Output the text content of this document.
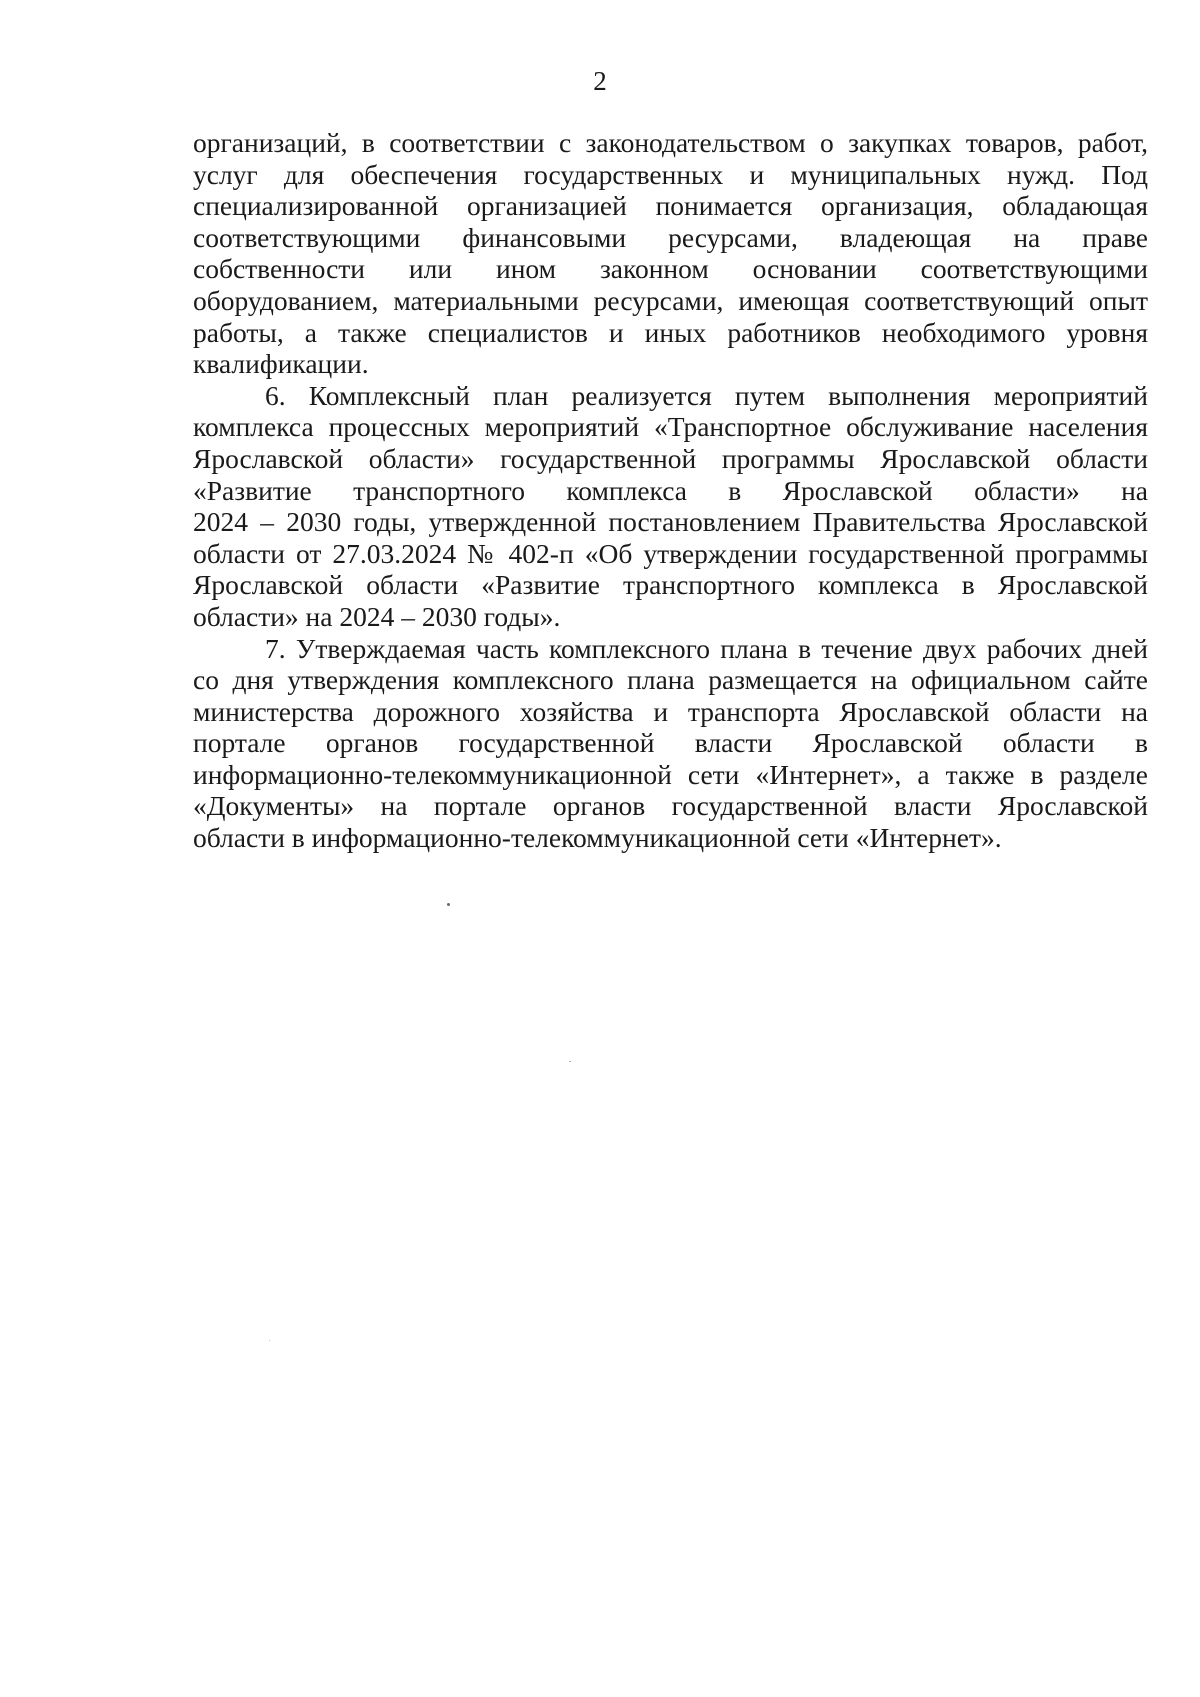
2

организаций, в соответствии с законодательством о закупках товаров, работ,
услуг для обеспечения государственных и муниципальных нужд. Под
специализированной организацией понимается организация, обладающая
соответствующими финансовыми ресурсами, владеющая на праве
собственности или ином законном основании соответствующими
оборудованием, материальными ресурсами, имеющая соответствующий опыт
работы, а также специалистов и иных работников необходимого уровня
квалификации.

6. Комплексный план реализуется путем выполнения мероприятий
комплекса процессных мероприятий «Транспортное обслуживание населения
Ярославской области» государственной программы Ярославской области
«Развитие транспортного комплекса в Ярославской области» на
2024 – 2030 годы, утвержденной постановлением Правительства Ярославской
области от 27.03.2024 № 402-п «Об утверждении государственной программы
Ярославской области «Развитие транспортного комплекса в Ярославской
области» на 2024 – 2030 годы».

7. Утверждаемая часть комплексного плана в течение двух рабочих дней
со дня утверждения комплексного плана размещается на официальном сайте
министерства дорожного хозяйства и транспорта Ярославской области на
портале органов государственной власти Ярославской области в
информационно-телекоммуникационной сети «Интернет», а также в разделе
«Документы» на портале органов государственной власти Ярославской
области в информационно-телекоммуникационной сети «Интернет».
